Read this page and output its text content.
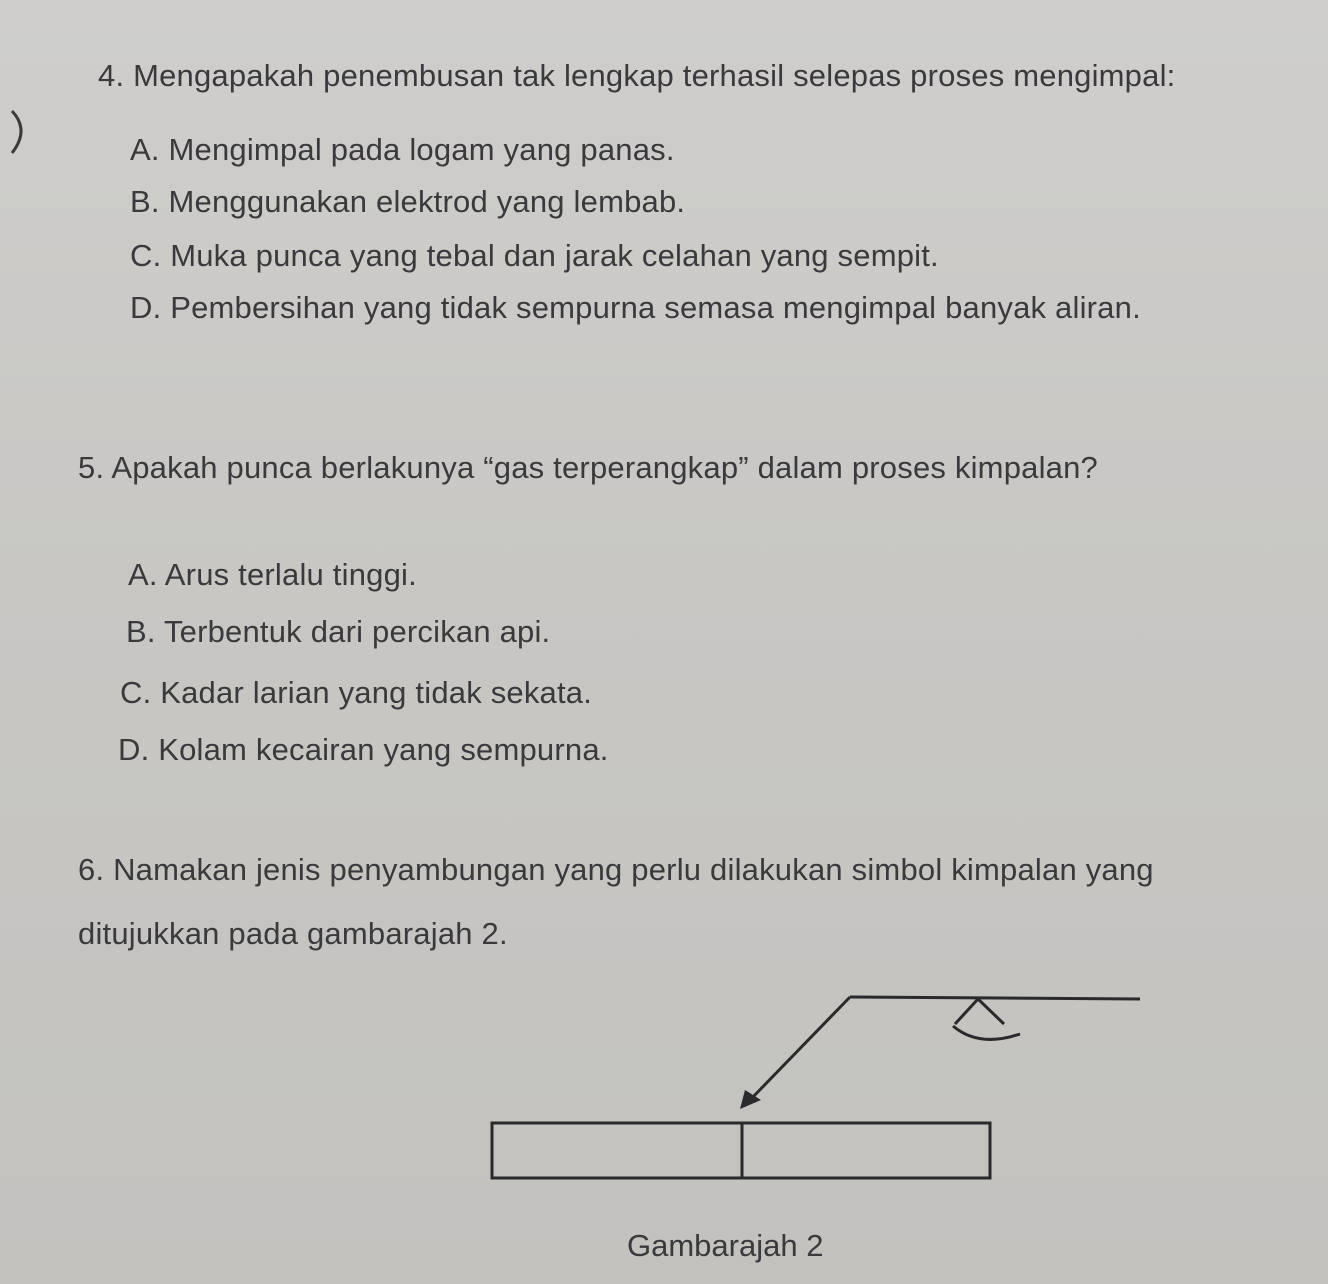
4. Mengapakah penembusan tak lengkap terhasil selepas proses mengimpal:
A. Mengimpal pada logam yang panas.
B. Menggunakan elektrod yang lembab.
C. Muka punca yang tebal dan jarak celahan yang sempit.
D. Pembersihan yang tidak sempurna semasa mengimpal banyak aliran.
5. Apakah punca berlakunya “gas terperangkap” dalam proses kimpalan?
A. Arus terlalu tinggi.
B. Terbentuk dari percikan api.
C. Kadar larian yang tidak sekata.
D. Kolam kecairan yang sempurna.
6. Namakan jenis penyambungan yang perlu dilakukan simbol kimpalan yang
ditujukkan pada gambarajah 2.
Gambarajah 2
